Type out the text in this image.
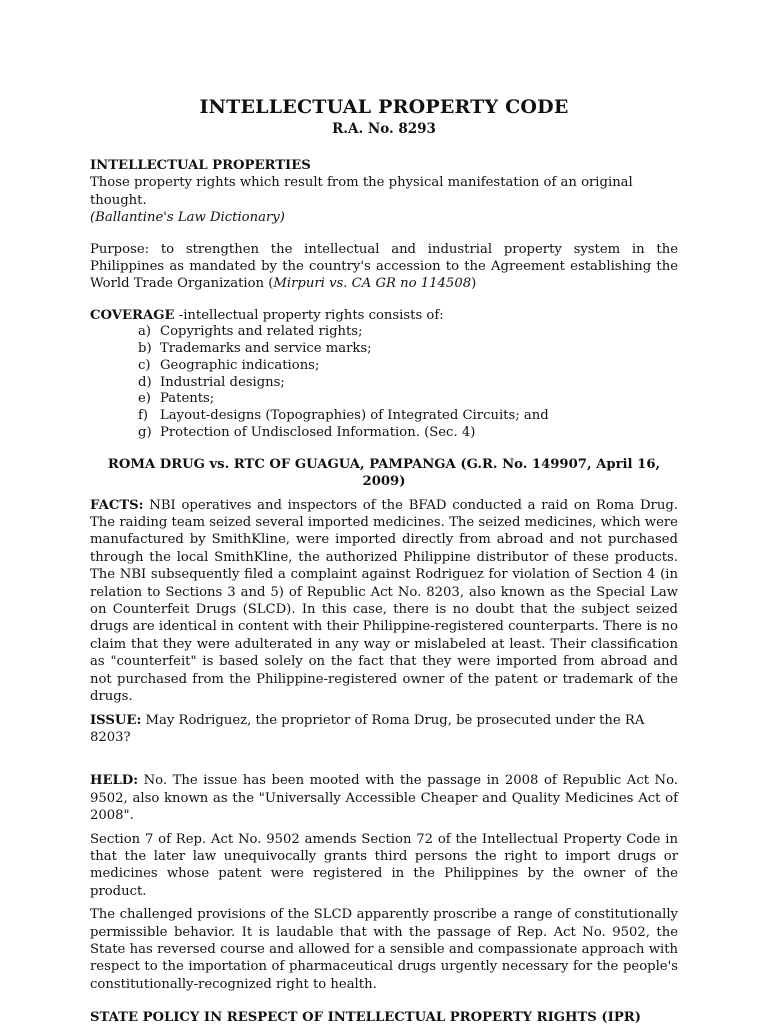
INTELLECTUAL PROPERTY CODE
R.A. No. 8293
INTELLECTUAL PROPERTIES

Those property rights which result from the physical manifestation of an original thought.

(Ballantine's Law Dictionary)

Purpose: to strengthen the intellectual and industrial property system in the Philippines as mandated by the country's accession to the Agreement establishing the World Trade Organization (Mirpuri vs. CA GR no 114508)

COVERAGE -intellectual property rights consists of:

a) Copyrights and related rights;
b) Trademarks and service marks;
c) Geographic indications;
d) Industrial designs;
e) Patents;
f) Layout-designs (Topographies) of Integrated Circuits; and
g) Protection of Undisclosed Information. (Sec. 4)
ROMA DRUG vs. RTC OF GUAGUA, PAMPANGA (G.R. No. 149907, April 16, 2009)

FACTS: NBI operatives and inspectors of the BFAD conducted a raid on Roma Drug. The raiding team seized several imported medicines. The seized medicines, which were manufactured by SmithKline, were imported directly from abroad and not purchased through the local SmithKline, the authorized Philippine distributor of these products. The NBI subsequently filed a complaint against Rodriguez for violation of Section 4 (in relation to Sections 3 and 5) of Republic Act No. 8203, also known as the Special Law on Counterfeit Drugs (SLCD). In this case, there is no doubt that the subject seized drugs are identical in content with their Philippine-registered counterparts. There is no claim that they were adulterated in any way or mislabeled at least. Their classification as "counterfeit" is based solely on the fact that they were imported from abroad and not purchased from the Philippine-registered owner of the patent or trademark of the drugs.

ISSUE: May Rodriguez, the proprietor of Roma Drug, be prosecuted under the RA 8203?

HELD: No. The issue has been mooted with the passage in 2008 of Republic Act No. 9502, also known as the "Universally Accessible Cheaper and Quality Medicines Act of 2008".

Section 7 of Rep. Act No. 9502 amends Section 72 of the Intellectual Property Code in that the later law unequivocally grants third persons the right to import drugs or medicines whose patent were registered in the Philippines by the owner of the product.

The challenged provisions of the SLCD apparently proscribe a range of constitutionally permissible behavior. It is laudable that with the passage of Rep. Act No. 9502, the State has reversed course and allowed for a sensible and compassionate approach with respect to the importation of pharmaceutical drugs urgently necessary for the people's constitutionally-recognized right to health.

STATE POLICY IN RESPECT OF INTELLECTUAL PROPERTY RIGHTS (IPR)
